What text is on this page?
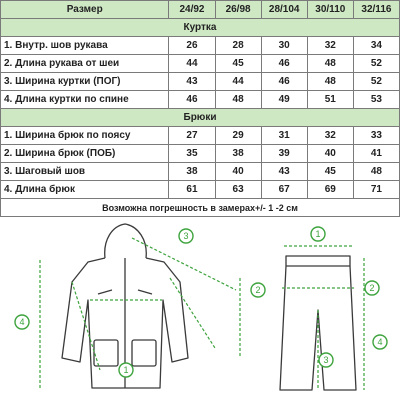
Размер	24/92	26/98	28/104	30/110	32/116
Куртка					
1. Внутр. шов рукава	26	28	30	32	34
2. Длина рукава от шеи	44	45	46	48	52
3. Ширина куртки (ПОГ)	43	44	46	48	52
4. Длина куртки по спине	46	48	49	51	53
Брюки					
1. Ширина брюк по поясу	27	29	31	32	33
2. Ширина брюк (ПОБ)	35	38	39	40	41
3. Шаговый шов	38	40	43	45	48
4. Длина брюк	61	63	67	69	71
Возможна погрешность в замерах+/- 1 -2 см					
1
2
3
4
1
2
3
4
